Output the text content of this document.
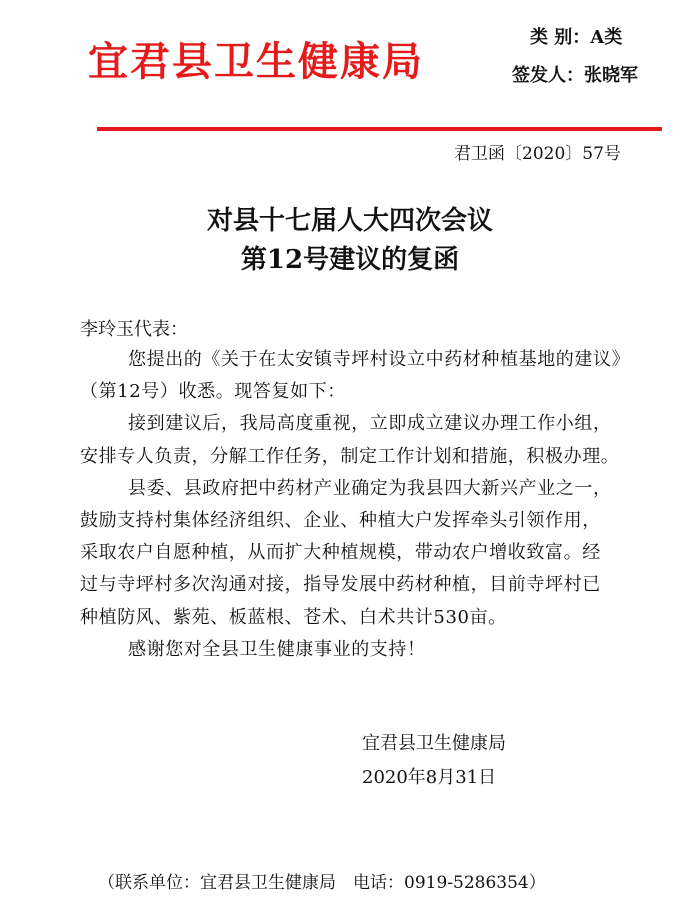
宜君县卫生健康局
类 别：A类
签发人：张晓军
君卫函〔2020〕57号
对县十七届人大四次会议
第12号建议的复函
李玲玉代表：

您提出的《关于在太安镇寺坪村设立中药材种植基地的建议》

（第12号）收悉。现答复如下：

接到建议后，我局高度重视，立即成立建议办理工作小组，

安排专人负责，分解工作任务，制定工作计划和措施，积极办理。

县委、县政府把中药材产业确定为我县四大新兴产业之一，

鼓励支持村集体经济组织、企业、种植大户发挥牵头引领作用，

采取农户自愿种植，从而扩大种植规模，带动农户增收致富。经

过与寺坪村多次沟通对接，指导发展中药材种植，目前寺坪村已

种植防风、紫苑、板蓝根、苍术、白术共计530亩。

感谢您对全县卫生健康事业的支持！

宜君县卫生健康局
2020年8月31日
（联系单位：宜君县卫生健康局　电话：0919-5286354）
